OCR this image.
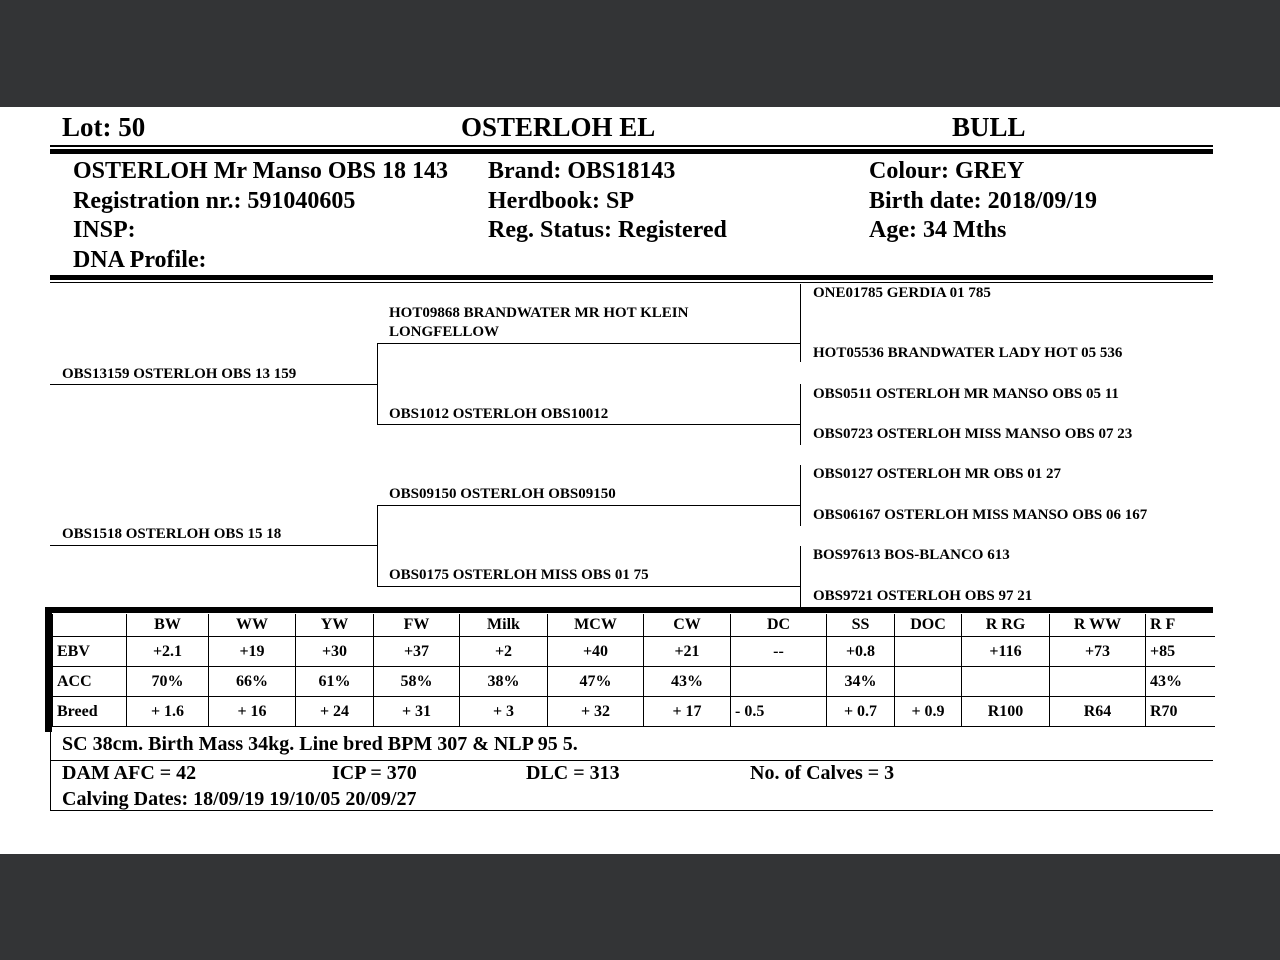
Lot: 50	OSTERLOH EL	BULL
OSTERLOH Mr Manso OBS 18 143
Registration nr.: 591040605
INSP:
DNA Profile:
Brand: OBS18143
Herdbook: SP
Reg. Status: Registered
Colour: GREY
Birth date: 2018/09/19
Age: 34 Mths
OBS13159 OSTERLOH OBS 13 159
OBS1518 OSTERLOH OBS 15 18
HOT09868 BRANDWATER MR HOT KLEIN
LONGFELLOW
OBS1012 OSTERLOH OBS10012
OBS09150 OSTERLOH OBS09150
OBS0175 OSTERLOH MISS OBS 01 75
ONE01785 GERDIA 01 785
HOT05536 BRANDWATER LADY HOT 05 536
OBS0511 OSTERLOH MR MANSO OBS 05 11
OBS0723 OSTERLOH MISS MANSO OBS 07 23
OBS0127 OSTERLOH MR OBS 01 27
OBS06167 OSTERLOH MISS MANSO OBS 06 167
BOS97613 BOS-BLANCO 613
OBS9721 OSTERLOH OBS 97 21
	BW	WW	YW	FW	Milk	MCW	CW	DC	SS	DOC	R RG	R WW	R F
EBV	+2.1	+19	+30	+37	+2	+40	+21	--	+0.8		+116	+73	+85
ACC	70%	66%	61%	58%	38%	47%	43%		34%				43%
Breed	+ 1.6	+ 16	+ 24	+ 31	+ 3	+ 32	+ 17	- 0.5	+ 0.7	+ 0.9	R100	R64	R70
SC 38cm. Birth Mass 34kg. Line bred BPM 307 & NLP 95 5.
DAM AFC = 42	ICP = 370	DLC = 313	No. of Calves = 3
Calving Dates: 18/09/19 19/10/05 20/09/27
